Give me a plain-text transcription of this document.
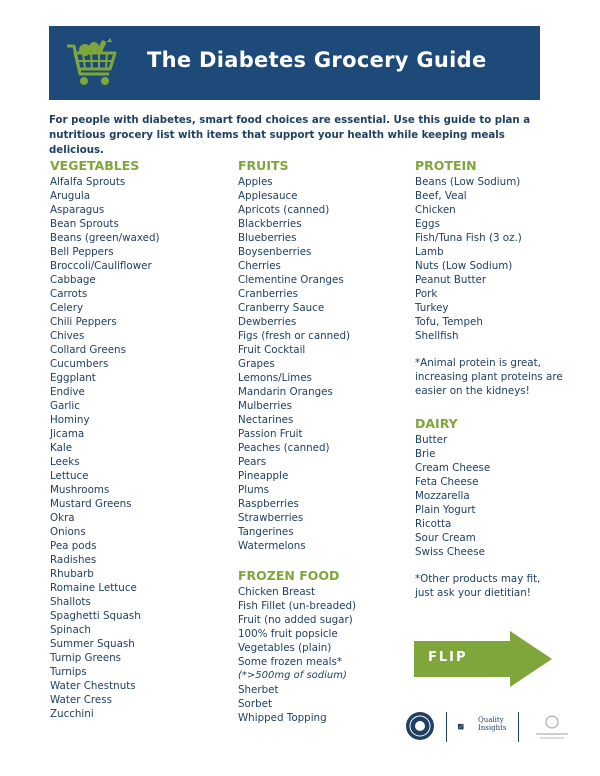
The Diabetes Grocery Guide
For people with diabetes, smart food choices are essential. Use this guide to plan a nutritious grocery list with items that support your health while keeping meals delicious.
VEGETABLES
Alfalfa Sprouts
Arugula
Asparagus
Bean Sprouts
Beans (green/waxed)
Bell Peppers
Broccoli/Cauliflower
Cabbage
Carrots
Celery
Chili Peppers
Chives
Collard Greens
Cucumbers
Eggplant
Endive
Garlic
Hominy
Jicama
Kale
Leeks
Lettuce
Mushrooms
Mustard Greens
Okra
Onions
Pea pods
Radishes
Rhubarb
Romaine Lettuce
Shallots
Spaghetti Squash
Spinach
Summer Squash
Turnip Greens
Turnips
Water Chestnuts
Water Cress
Zucchini
FRUITS
Apples
Applesauce
Apricots (canned)
Blackberries
Blueberries
Boysenberries
Cherries
Clementine Oranges
Cranberries
Cranberry Sauce
Dewberries
Figs (fresh or canned)
Fruit Cocktail
Grapes
Lemons/Limes
Mandarin Oranges
Mulberries
Nectarines
Passion Fruit
Peaches (canned)
Pears
Pineapple
Plums
Raspberries
Strawberries
Tangerines
Watermelons
FROZEN FOOD
Chicken Breast
Fish Fillet (un-breaded)
Fruit (no added sugar)
100% fruit popsicle
Vegetables (plain)
Some frozen meals*
(*>500mg of sodium)
Sherbet
Sorbet
Whipped Topping
PROTEIN
Beans (Low Sodium)
Beef, Veal
Chicken
Eggs
Fish/Tuna Fish (3 oz.)
Lamb
Nuts (Low Sodium)
Peanut Butter
Pork
Turkey
Tofu, Tempeh
Shellfish
*Animal protein is great, increasing plant proteins are easier on the kidneys!
DAIRY
Butter
Brie
Cream Cheese
Feta Cheese
Mozzarella
Plain Yogurt
Ricotta
Sour Cream
Swiss Cheese
*Other products may fit, just ask your dietitian!
FLIP
Quality
Insights
